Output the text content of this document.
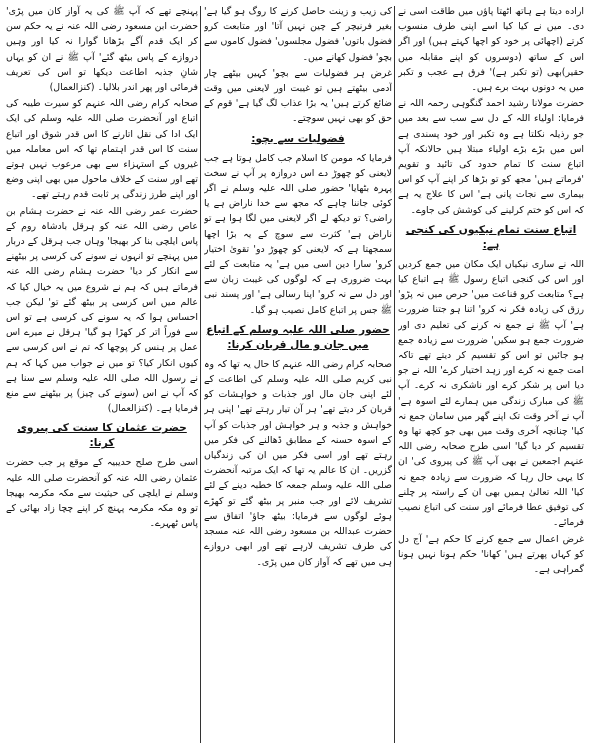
اراده دیتا ہے ہاتھ اٹھتا پاؤں میں طاقت اسی نے دی۔ میں نے کیا کیا اسے اپنی طرف منسوب کرتے (اچھائی پر خود کو اچھا کہتے ہیں) اور اگر اس کے ساتھ (دوسروں کو اپنے مقابلہ میں حقیر)بھی (تو تکبر ہے)' فرق ہے عجب و تکبر میں یہ دونوں بہت برے ہیں۔

حضرت مولانا رشید احمد گنگوہی رحمہ اللہ نے فرمایا: اولیاء اللہ کے دل سے سب سے بعد میں جو رذیلہ نکلتا ہے وہ تکبر اور خود پسندی ہے اس میں بڑے بڑے اولیاء مبتلا ہیں حالانکہ آپ اتباع سنت کا تمام حدود کی تائید و تقویم 'فرماتے ہیں' مجھ کو تو بڑھا کر اپنے آپ کو اس بیماری سے نجات پانی ہے' اس کا علاج یہ ہے کہ اس کو ختم کرلینے کی کوشش کی جاوے۔

اتباع سنت تمام نیکیوں کی کنجی ہے:

اللہ نے ساری نیکیاں ایک مکان میں جمع کردیں اور اس کی کنجی اتباع رسول ﷺ ہے اتباع کیا ہے؟ متابعت کرو قناعت میں' حرص میں نہ پڑو' رزق کی زیادہ فکر نہ کرو' اتنا ہو جتنا ضرورت ہے' آپ ﷺ نے جمع نہ کرنے کی تعلیم دی اور ضرورت جمع ہو سکیں' ضرورت سے زیادہ جمع ہو جائیں تو اس کو تقسیم کر دیتے تھے تاکہ امت جمع نہ کرے اور زہد اختیار کرے' اللہ نے جو دیا اس پر شکر کرے اور ناشکری نہ کرے۔ آپ ﷺ کی مبارک زندگی میں ہمارے لئے اسوہ ہے' آپ نے آخر وقت تک اپنے گھر میں سامان جمع نہ کیا' چنانچہ آخری وقت میں بھی جو کچھ تھا وہ تقسیم کر دیا گیا' اسی طرح صحابہ رضی اللہ عنہم اجمعین نے بھی آپ ﷺ کی پیروی کی' ان کا یہی حال رہا کہ ضرورت سے زیادہ جمع نہ کیا' اللہ تعالیٰ ہمیں بھی ان کے راستہ پر چلنے کی توفیق عطا فرمائے اور سنت کی اتباع نصیب فرمائے۔

غرض اعمال سے جمع کرنے کا حکم ہے' آج دل کو کہاں پھرتے ہیں' کھانا' حکم ہونا نہیں ہونا گمراہی ہے۔

کی زیب و زینت حاصل کرنے کا روگ ہو گیا ہے' بغیر فرنیچر کے چین نہیں آتا' اور متابعت کرو فضول باتوں' فضول مجلسوں' فضول کاموں سے بچو' فضول کھانے میں۔

غرض ہر فضولیات سے بچو' کہیں بیٹھے چار آدمی بیٹھتے ہیں تو غیبت اور لایعنی میں وقت ضائع کرتے ہیں' یہ بڑا عذاب لگ گیا ہے' قوم کے حق کو بھی نہیں سوچتے۔

فضولیات سے بچو:

فرمایا کہ مومن کا اسلام جب کامل ہوتا ہے جب لایعنی کو چھوڑ دے اس دروازہ پر آپ نے سخت پہرہ بٹھایا' حضور صلی اللہ علیہ وسلم نے اگر کوئی جاننا چاہے کہ مجھ سے خدا ناراض ہے یا راضی؟ تو دیکھ لے اگر لایعنی میں لگا ہوا ہے تو ناراض ہے' کثرت سے سوچ کے یہ بڑا اچھا سمجھتا ہے کہ لایعنی کو چھوڑ دو' تقویٰ اختیار کرو' سارا دین اسی میں ہے' یہ متابعت کے لئے بہت ضروری ہے کہ لوگوں کی غیبت زبان سے اور دل سے نہ کرو' اپنا رسالی ہے' اور پسند نبی ﷺ جس پر اتباع کامل نصیب ہو گیا۔

حضور صلی اللہ علیہ وسلم کے اتباع میں جان و مال قربان کرنا:

صحابہ کرام رضی اللہ عنہم کا حال یہ تھا کہ وہ نبی کریم صلی اللہ علیہ وسلم کی اطاعت کے لئے اپنی جان مال اور جذبات و خواہشات کو قربان کر دیتے تھے' ہر آن تیار رہتے تھے' اپنی ہر خواہش و جذبہ و ہر خواہش اور جذبات کو آپ کے اسوہ حسنہ کے مطابق ڈھالنے کی فکر میں رہتے تھے اور اسی فکر میں ان کی زندگیاں گزریں۔ ان کا عالم یہ تھا کہ ایک مرتبہ آنحضرت صلی اللہ علیہ وسلم جمعہ کا خطبہ دینے کے لئے تشریف لائے اور جب منبر پر بیٹھ گئے تو کھڑے ہوئے لوگوں سے فرمایا: بیٹھ جاؤ' اتفاق سے حضرت عبداللہ بن مسعود رضی اللہ عنہ مسجد کی طرف تشریف لارہے تھے اور ابھی دروازے ہی میں تھے کہ آواز کان میں پڑی۔

پہنچے تھے کہ آپ ﷺ کی یہ آواز کان میں پڑی' حضرت ابن مسعود رضی اللہ عنہ نے یہ حکم سن کر ایک قدم آگے بڑھانا گوارا نہ کیا اور وہیں دروازے کے پاس بیٹھ گئے' آپ ﷺ نے ان کو یہاں شانِ جذبہ اطاعت دیکھا تو اس کی تعریف فرمائی اور پھر اندر بلالیا۔ (کنزالعمال)

صحابہ کرام رضی اللہ عنہم کو سیرت طیبہ کی اتباع اور آنحضرت صلی اللہ علیہ وسلم کی ایک ایک ادا کی نقل اتارنے کا اس قدر شوق اور اتباع سنت کا اس قدر اہتمام تھا کہ اس معاملہ میں غیروں کے استہزاء سے بھی مرعوب نہیں ہوتے تھے اور سنت کے خلاف ماحول میں بھی اپنی وضع اور اپنے طرز زندگی پر ثابت قدم رہتے تھے۔

حضرت عمر رضی اللہ عنہ نے حضرت ہشام بن عاص رضی اللہ عنہ کو ہرقل بادشاہ روم کے پاس ایلچی بنا کر بھیجا' وہاں جب ہرقل کے دربار میں پہنچے تو انہوں نے سونے کی کرسی پر بیٹھنے سے انکار کر دیا' حضرت ہشام رضی اللہ عنہ فرماتے ہیں کہ ہم نے شروع میں یہ خیال کیا کہ عالم میں اس کرسی پر بیٹھ گئے تو' لیکن جب احساس ہوا کہ یہ سونے کی کرسی ہے تو اس سے فوراً اتر کر کھڑا ہو گیا' ہرقل نے میرے اس عمل پر ہنس کر پوچھا کہ تم نے اس کرسی سے کیوں انکار کیا؟ تو میں نے جواب میں کہا کہ ہم نے رسول اللہ صلی اللہ علیہ وسلم سے سنا ہے کہ آپ نے اس (سونے کی چیز) پر بیٹھنے سے منع فرمایا ہے۔ (کنزالعمال)

حضرت عثمان کا سنت کی پیروی کرنا:

اسی طرح صلح حدیبیہ کے موقع پر جب حضرت عثمان رضی اللہ عنہ کو آنحضرت صلی اللہ علیہ وسلم نے ایلچی کی حیثیت سے مکہ مکرمہ بھیجا تو وہ مکہ مکرمہ پہنچ کر اپنے چچا زاد بھائی کے پاس ٹھہرے۔
